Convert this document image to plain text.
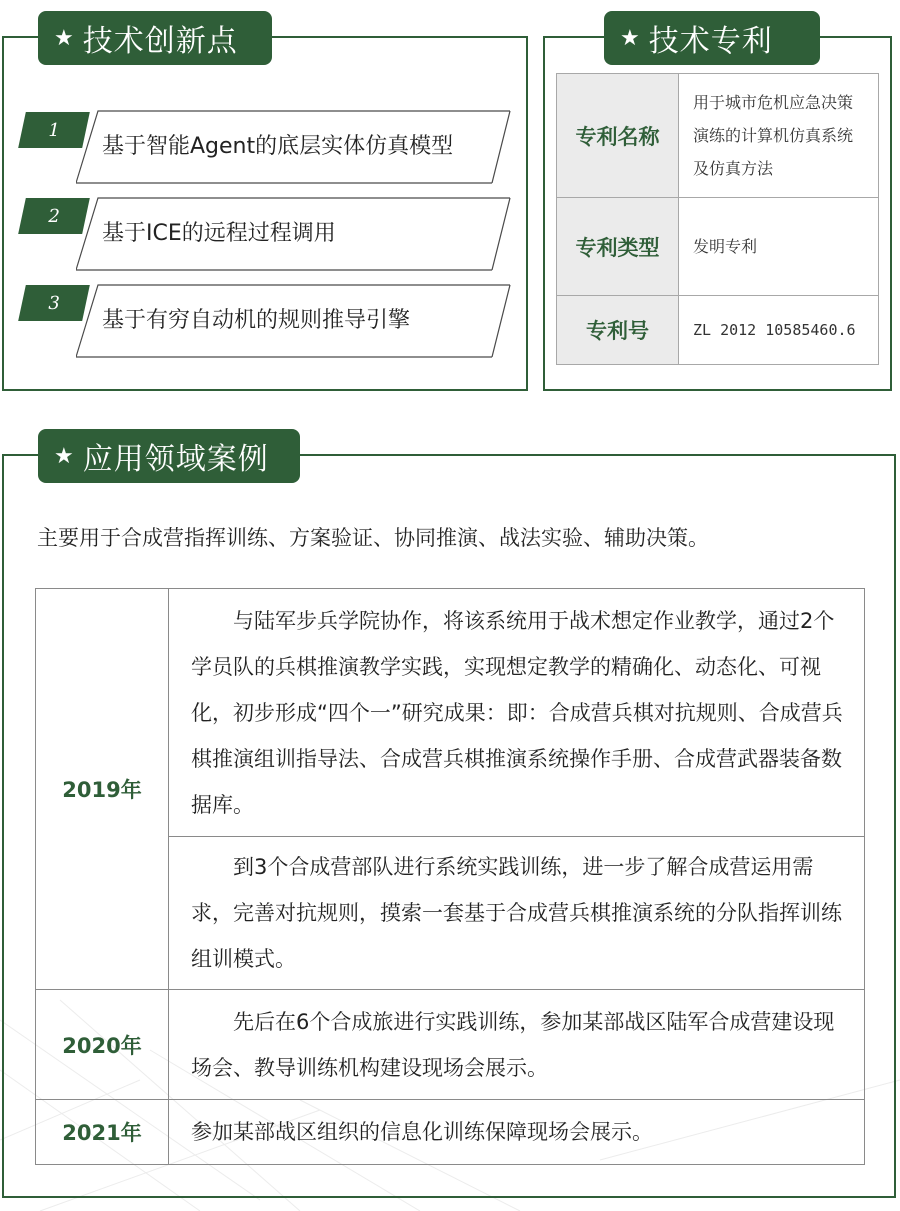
★ 技术创新点	★ 技术专利
★ 应用领域案例
1
基于智能Agent的底层实体仿真模型
2
基于ICE的远程过程调用
3
基于有穷自动机的规则推导引擎
专利名称	用于城市危机应急决策演练的计算机仿真系统及仿真方法
专利类型	发明专利
专利号	ZL 2012 10585460.6
主要用于合成营指挥训练、方案验证、协同推演、战法实验、辅助决策。
2019年	与陆军步兵学院协作，将该系统用于战术想定作业教学，通过2个学员队的兵棋推演教学实践，实现想定教学的精确化、动态化、可视化，初步形成“四个一”研究成果：即：合成营兵棋对抗规则、合成营兵棋推演组训指导法、合成营兵棋推演系统操作手册、合成营武器装备数据库。
	到3个合成营部队进行系统实践训练，进一步了解合成营运用需求，完善对抗规则，摸索一套基于合成营兵棋推演系统的分队指挥训练组训模式。
2020年	先后在6个合成旅进行实践训练，参加某部战区陆军合成营建设现场会、教导训练机构建设现场会展示。
2021年	参加某部战区组织的信息化训练保障现场会展示。
